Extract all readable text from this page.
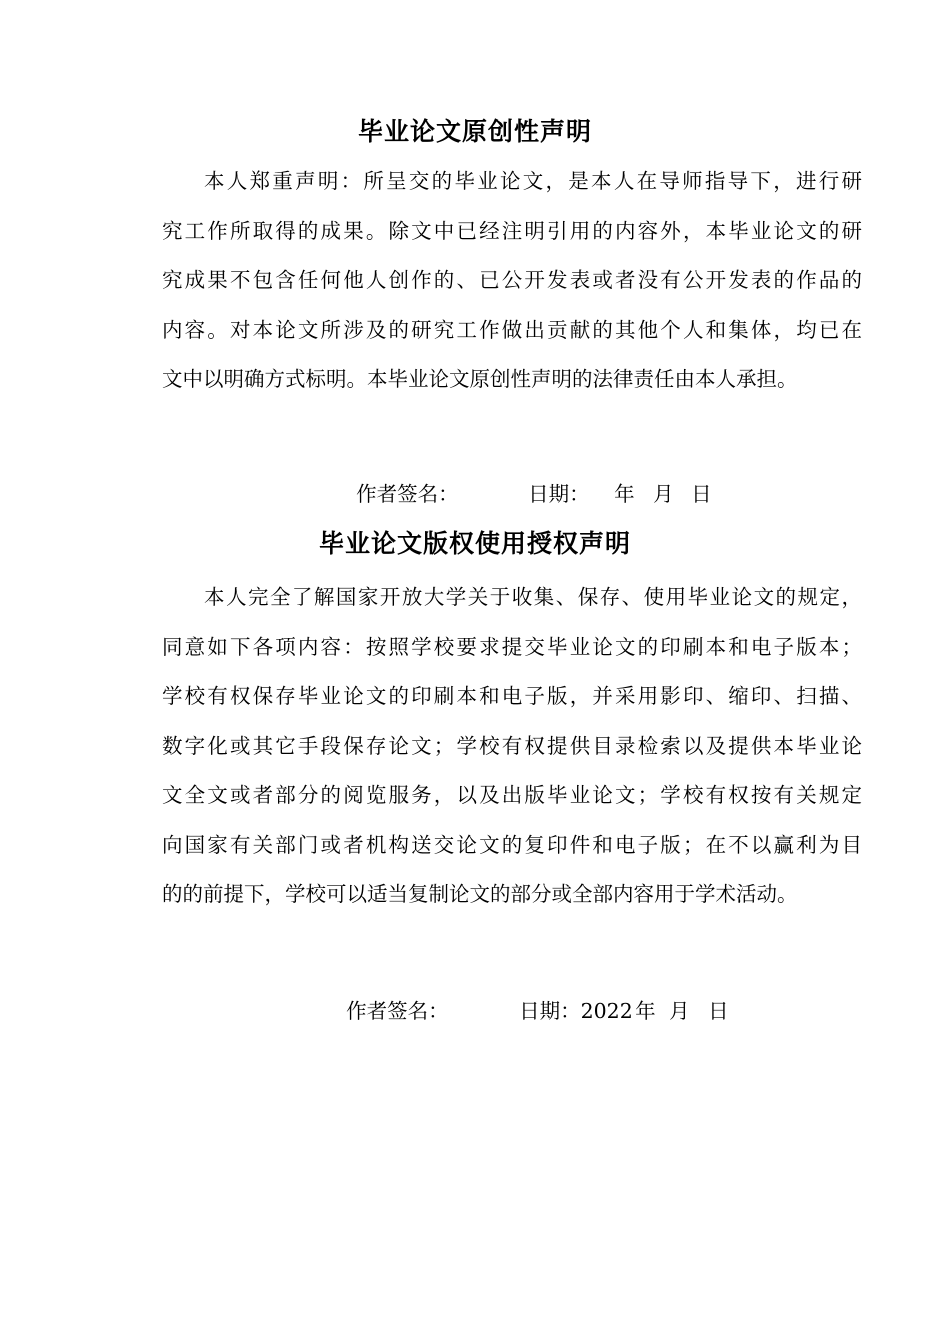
毕业论文原创性声明
本人郑重声明：所呈交的毕业论文，是本人在导师指导下，进行研
究工作所取得的成果。除文中已经注明引用的内容外，本毕业论文的研
究成果不包含任何他人创作的、已公开发表或者没有公开发表的作品的
内容。对本论文所涉及的研究工作做出贡献的其他个人和集体，均已在
文中以明确方式标明。本毕业论文原创性声明的法律责任由本人承担。

作者签名：
	日期：
	年
月
日

毕业论文版权使用授权声明
本人完全了解国家开放大学关于收集、保存、使用毕业论文的规定，
同意如下各项内容：按照学校要求提交毕业论文的印刷本和电子版本；
学校有权保存毕业论文的印刷本和电子版，并采用影印、缩印、扫描、
数字化或其它手段保存论文；学校有权提供目录检索以及提供本毕业论
文全文或者部分的阅览服务，以及出版毕业论文；学校有权按有关规定
向国家有关部门或者机构送交论文的复印件和电子版；在不以赢利为目
的的前提下，学校可以适当复制论文的部分或全部内容用于学术活动。

作者签名：
	日期：2022
年
月
日
